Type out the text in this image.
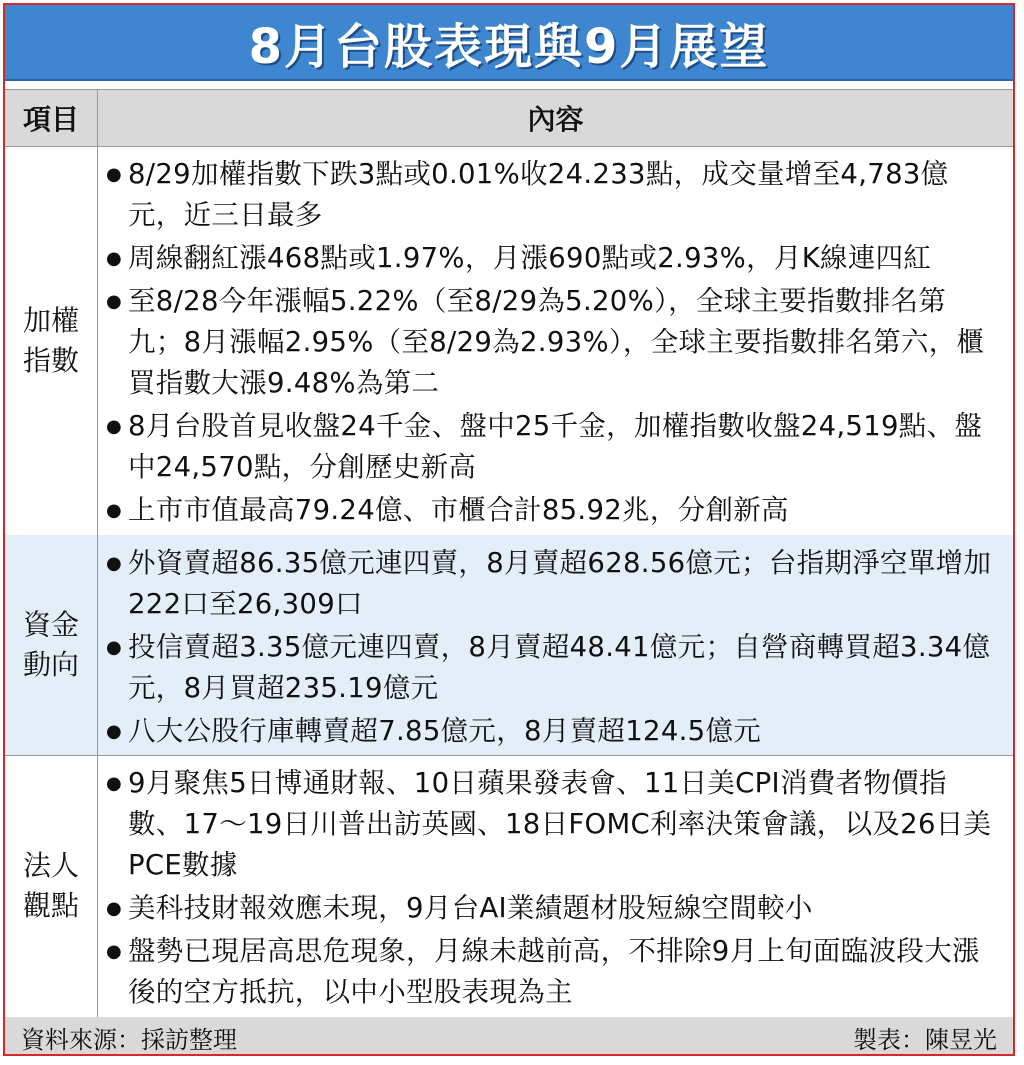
8月台股表現與9月展望
項目	內容
加權指數
● 8/29加權指數下跌3點或0.01%收24.233點，成交量增至4,783億元，近三日最多
● 周線翻紅漲468點或1.97%，月漲690點或2.93%，月K線連四紅
● 至8/28今年漲幅5.22%（至8/29為5.20%），全球主要指數排名第九；8月漲幅2.95%（至8/29為2.93%），全球主要指數排名第六，櫃買指數大漲9.48%為第二
● 8月台股首見收盤24千金、盤中25千金，加權指數收盤24,519點、盤中24,570點，分創歷史新高
● 上市市值最高79.24億、市櫃合計85.92兆，分創新高
資金動向
● 外資賣超86.35億元連四賣，8月賣超628.56億元；台指期淨空單增加222口至26,309口
● 投信賣超3.35億元連四賣，8月賣超48.41億元；自營商轉買超3.34億元，8月買超235.19億元
● 八大公股行庫轉賣超7.85億元，8月賣超124.5億元
法人觀點
● 9月聚焦5日博通財報、10日蘋果發表會、11日美CPI消費者物價指數、17～19日川普出訪英國、18日FOMC利率決策會議，以及26日美PCE數據
● 美科技財報效應未現，9月台AI業績題材股短線空間較小
● 盤勢已現居高思危現象，月線未越前高，不排除9月上旬面臨波段大漲後的空方抵抗，以中小型股表現為主
資料來源：採訪整理	製表：陳昱光
